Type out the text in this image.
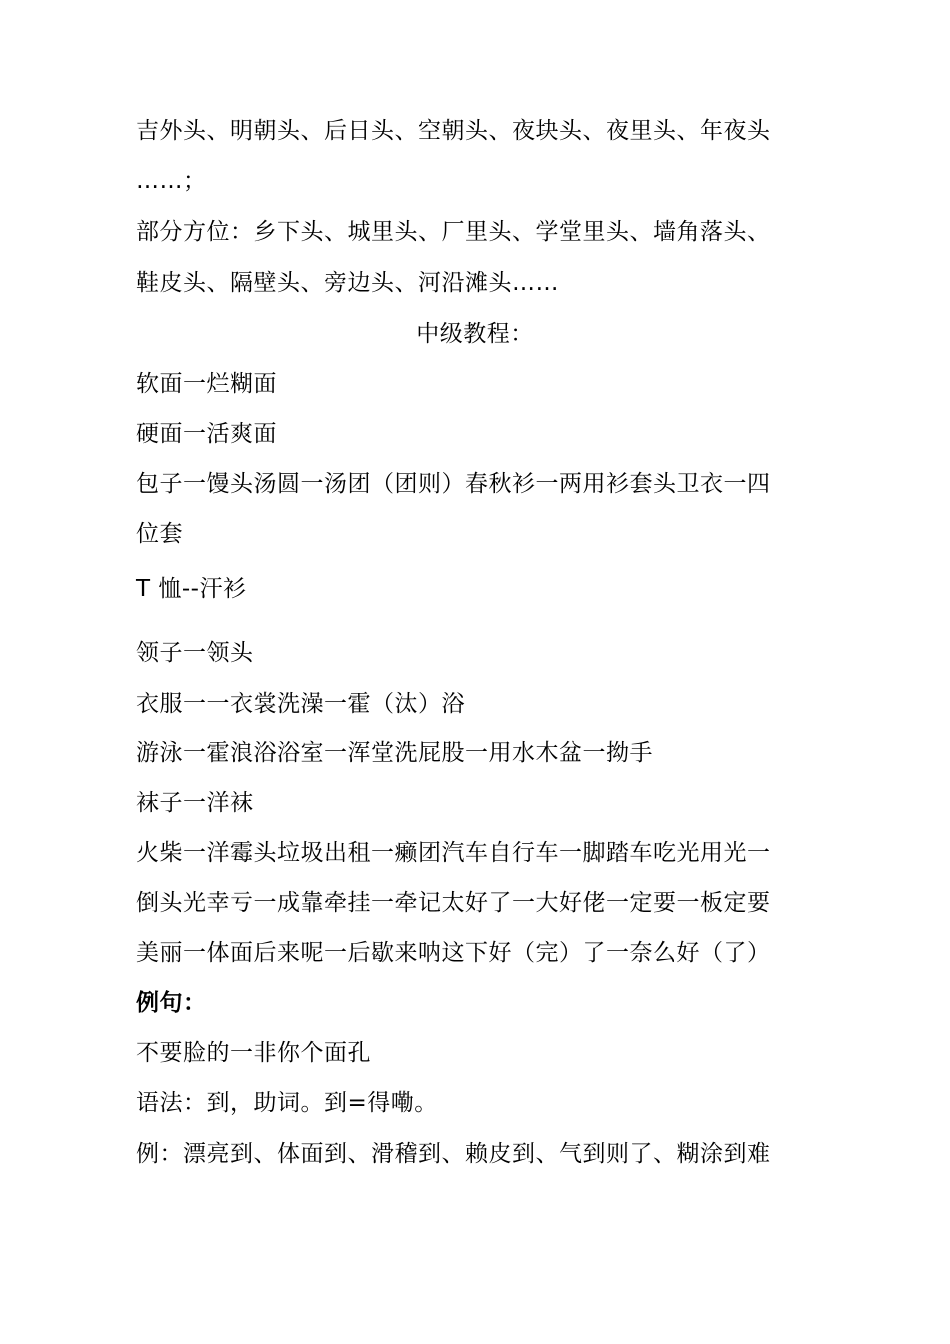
吉外头、明朝头、后日头、空朝头、夜块头、夜里头、年夜头
……；
部分方位：乡下头、城里头、厂里头、学堂里头、墙角落头、
鞋皮头、隔壁头、旁边头、河沿滩头……
中级教程：
软面一烂糊面
硬面一活爽面
包子一馒头汤圆一汤团（团则）春秋衫一两用衫套头卫衣一四
位套
T 恤--汗衫
领子一领头
衣服一一衣裳洗澡一霍（汰）浴
游泳一霍浪浴浴室一浑堂洗屁股一用水木盆一拗手
袜子一洋袜
火柴一洋霉头垃圾出租一癞团汽车自行车一脚踏车吃光用光一
倒头光幸亏一成靠牵挂一牵记太好了一大好佬一定要一板定要
美丽一体面后来呢一后歇来呐这下好（完）了一奈么好（了）
例句：
不要脸的一非你个面孔
语法：到，助词。到=得嘞。
例：漂亮到、体面到、滑稽到、赖皮到、气到则了、糊涂到难
